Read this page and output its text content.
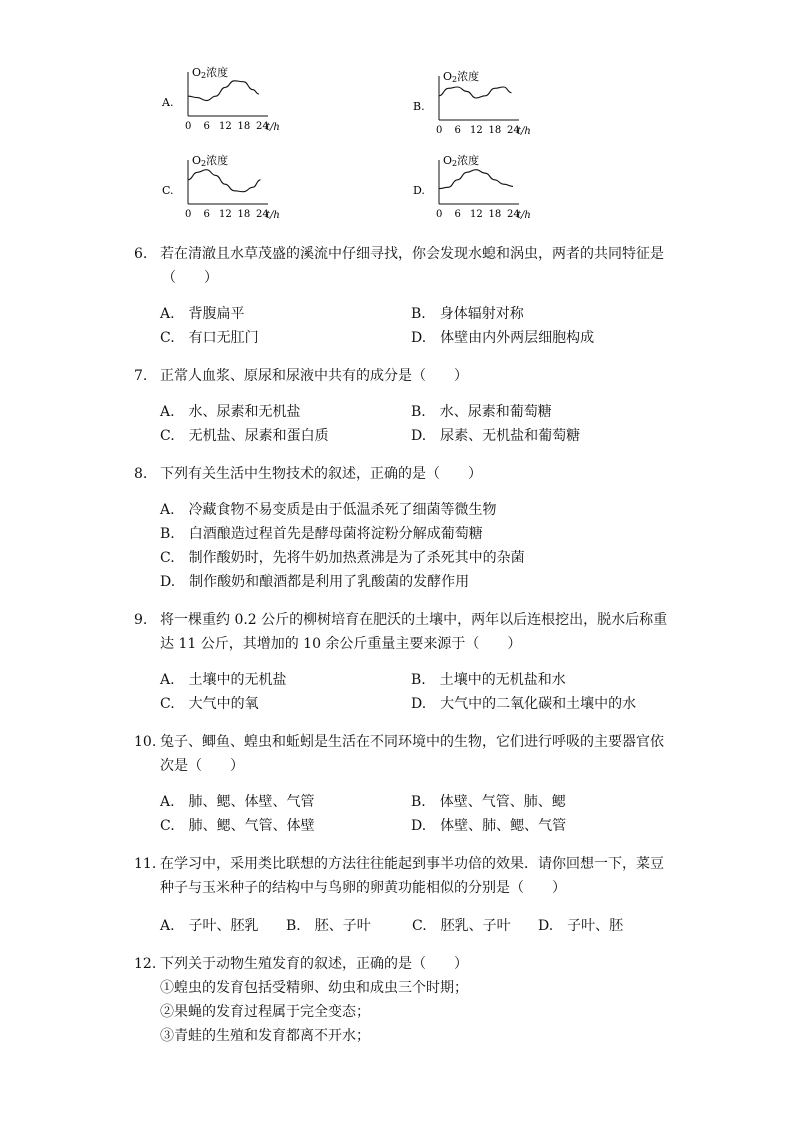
A.
O2浓度
0 6 12 18 24
t/h
B.
O2浓度
0 6 12 18 24
t/h
C.
O2浓度
0 6 12 18 24
t/h
D.
O2浓度
0 6 12 18 24
t/h
6. 若在清澈且水草茂盛的溪流中仔细寻找，你会发现水螅和涡虫，两者的共同特征是
（　　）
A.　背腹扁平	B.　身体辐射对称
C.　有口无肛门	D.　体壁由内外两层细胞构成
7. 正常人血浆、原尿和尿液中共有的成分是（　　）
A.　水、尿素和无机盐	B.　水、尿素和葡萄糖
C.　无机盐、尿素和蛋白质	D.　尿素、无机盐和葡萄糖
8. 下列有关生活中生物技术的叙述，正确的是（　　）
A.　冷藏食物不易变质是由于低温杀死了细菌等微生物
B.　白酒酿造过程首先是酵母菌将淀粉分解成葡萄糖
C.　制作酸奶时，先将牛奶加热煮沸是为了杀死其中的杂菌
D.　制作酸奶和酿酒都是利用了乳酸菌的发酵作用
9. 将一棵重约 0.2 公斤的柳树培育在肥沃的土壤中，两年以后连根挖出，脱水后称重
达 11 公斤，其增加的 10 余公斤重量主要来源于（　　）
A.　土壤中的无机盐	B.　土壤中的无机盐和水
C.　大气中的氧	D.　大气中的二氧化碳和土壤中的水
10. 兔子、鲫鱼、蝗虫和蚯蚓是生活在不同环境中的生物，它们进行呼吸的主要器官依
次是（　　）
A.　肺、鳃、体壁、气管	B.　体壁、气管、肺、鳃
C.　肺、鳃、气管、体壁	D.　体壁、肺、鳃、气管
11. 在学习中，采用类比联想的方法往往能起到事半功倍的效果．请你回想一下，菜豆
种子与玉米种子的结构中与鸟卵的卵黄功能相似的分别是（　　）
A.　子叶、胚乳 B.　胚、子叶	C.　胚乳、子叶 D.　子叶、胚
12. 下列关于动物生殖发育的叙述，正确的是（　　）
①蝗虫的发育包括受精卵、幼虫和成虫三个时期；
②果蝇的发育过程属于完全变态；
③青蛙的生殖和发育都离不开水；
